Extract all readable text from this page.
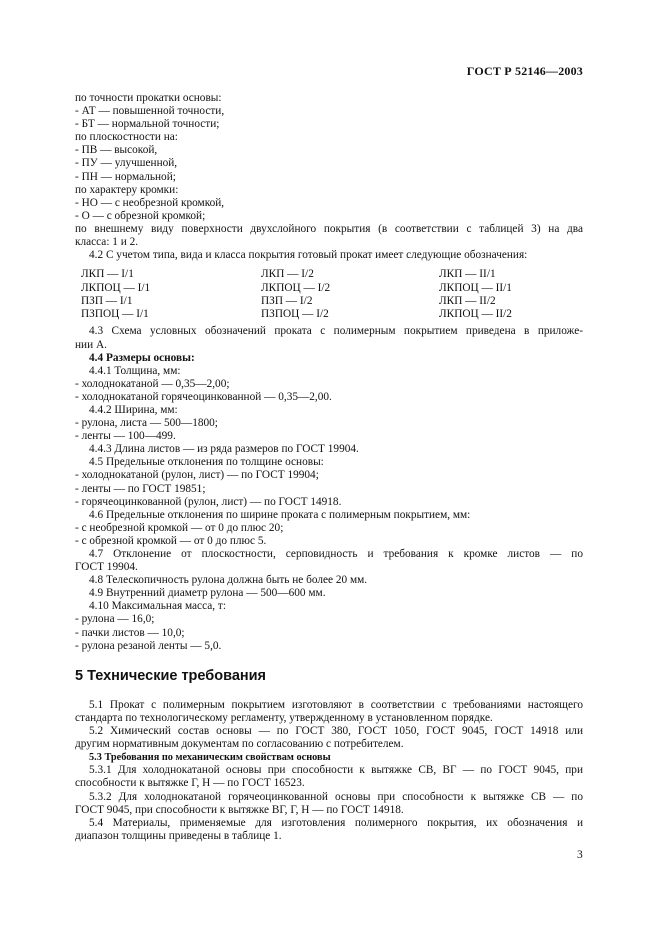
ГОСТ Р 52146—2003
по точности прокатки основы:
- АТ — повышенной точности,
- БТ — нормальной точности;
по плоскостности на:
- ПВ — высокой,
- ПУ — улучшенной,
- ПН — нормальной;
по характеру кромки:
- НО — с необрезной кромкой,
- О — с обрезной кромкой;
по внешнему виду поверхности двухслойного покрытия (в соответствии с таблицей 3) на два
класса: 1 и 2.
4.2 С учетом типа, вида и класса покрытия готовый прокат имеет следующие обозначения:
ЛКП — I/1	ЛКП — I/2	ЛКП — II/1
ЛКПОЦ — I/1	ЛКПОЦ — I/2	ЛКПОЦ — II/1
ПЗП — I/1	ПЗП — I/2	ЛКП — II/2
ПЗПОЦ — I/1	ПЗПОЦ — I/2	ЛКПОЦ — II/2
4.3 Схема условных обозначений проката с полимерным покрытием приведена в приложе-
нии А.
4.4 Размеры основы:
4.4.1 Толщина, мм:
- холоднокатаной — 0,35—2,00;
- холоднокатаной горячеоцинкованной — 0,35—2,00.
4.4.2 Ширина, мм:
- рулона, листа — 500—1800;
- ленты — 100—499.
4.4.3 Длина листов — из ряда размеров по ГОСТ 19904.
4.5 Предельные отклонения по толщине основы:
- холоднокатаной (рулон, лист) — по ГОСТ 19904;
- ленты — по ГОСТ 19851;
- горячеоцинкованной (рулон, лист) — по ГОСТ 14918.
4.6 Предельные отклонения по ширине проката с полимерным покрытием, мм:
- с необрезной кромкой — от 0 до плюс 20;
- с обрезной кромкой — от 0 до плюс 5.
4.7 Отклонение от плоскостности, серповидность и требования к кромке листов — по
ГОСТ 19904.
4.8 Телескопичность рулона должна быть не более 20 мм.
4.9 Внутренний диаметр рулона — 500—600 мм.
4.10 Максимальная масса, т:
- рулона — 16,0;
- пачки листов — 10,0;
- рулона резаной ленты — 5,0.
5 Технические требования
5.1 Прокат с полимерным покрытием изготовляют в соответствии с требованиями настоящего
стандарта по технологическому регламенту, утвержденному в установленном порядке.
5.2 Химический состав основы — по ГОСТ 380, ГОСТ 1050, ГОСТ 9045, ГОСТ 14918 или
другим нормативным документам по согласованию с потребителем.
5.3 Требования по механическим свойствам основы
5.3.1 Для холоднокатаной основы при способности к вытяжке СВ, ВГ — по ГОСТ 9045, при
способности к вытяжке Г, Н — по ГОСТ 16523.
5.3.2 Для холоднокатаной горячеоцинкованной основы при способности к вытяжке СВ — по
ГОСТ 9045, при способности к вытяжке ВГ, Г, Н — по ГОСТ 14918.
5.4 Материалы, применяемые для изготовления полимерного покрытия, их обозначения и
диапазон толщины приведены в таблице 1.
3
